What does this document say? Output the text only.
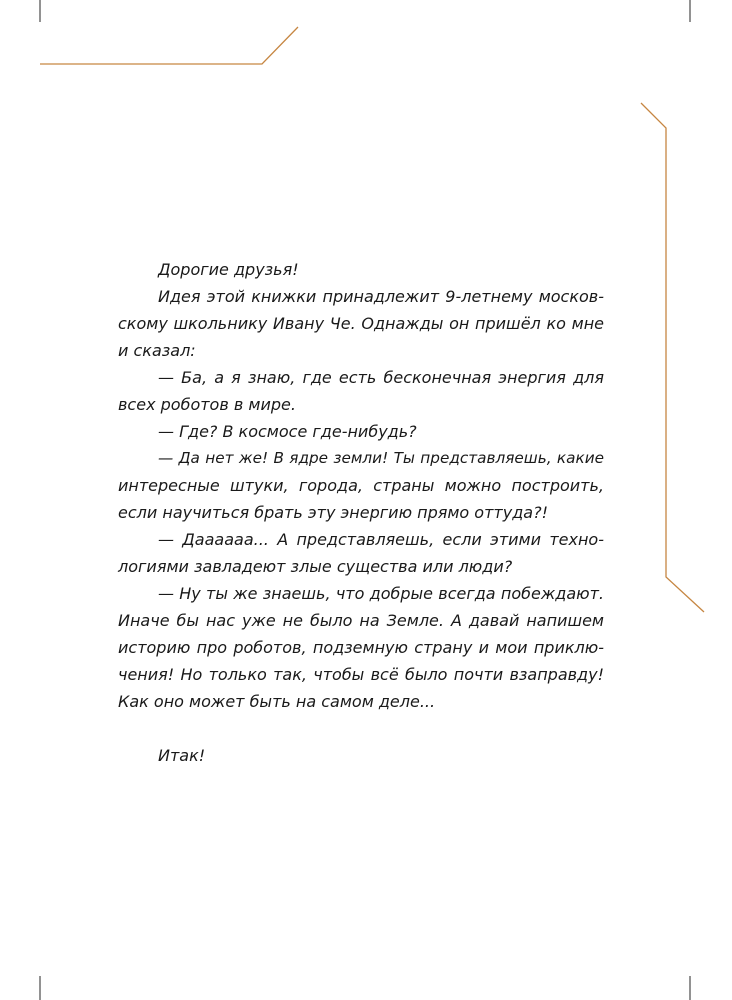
Дорогие друзья!
Идея этой книжки принадлежит 9-летнему москов-
скому школьнику Ивану Че. Однажды он пришёл ко мне
и сказал:
— Ба, а я знаю, где есть бесконечная энергия для
всех роботов в мире.
— Где? В космосе где-нибудь?
— Да нет же! В ядре земли! Ты представляешь, какие
интересные штуки, города, страны можно построить,
если научиться брать эту энергию прямо оттуда?!
— Дааааaa... А представляешь, если этими техно-
логиями завладеют злые существа или люди?
— Ну ты же знаешь, что добрые всегда побеждают.
Иначе бы нас уже не было на Земле. А давай напишем
историю про роботов, подземную страну и мои приклю-
чения! Но только так, чтобы всё было почти взаправду!
Как оно может быть на самом деле...
Итак!
